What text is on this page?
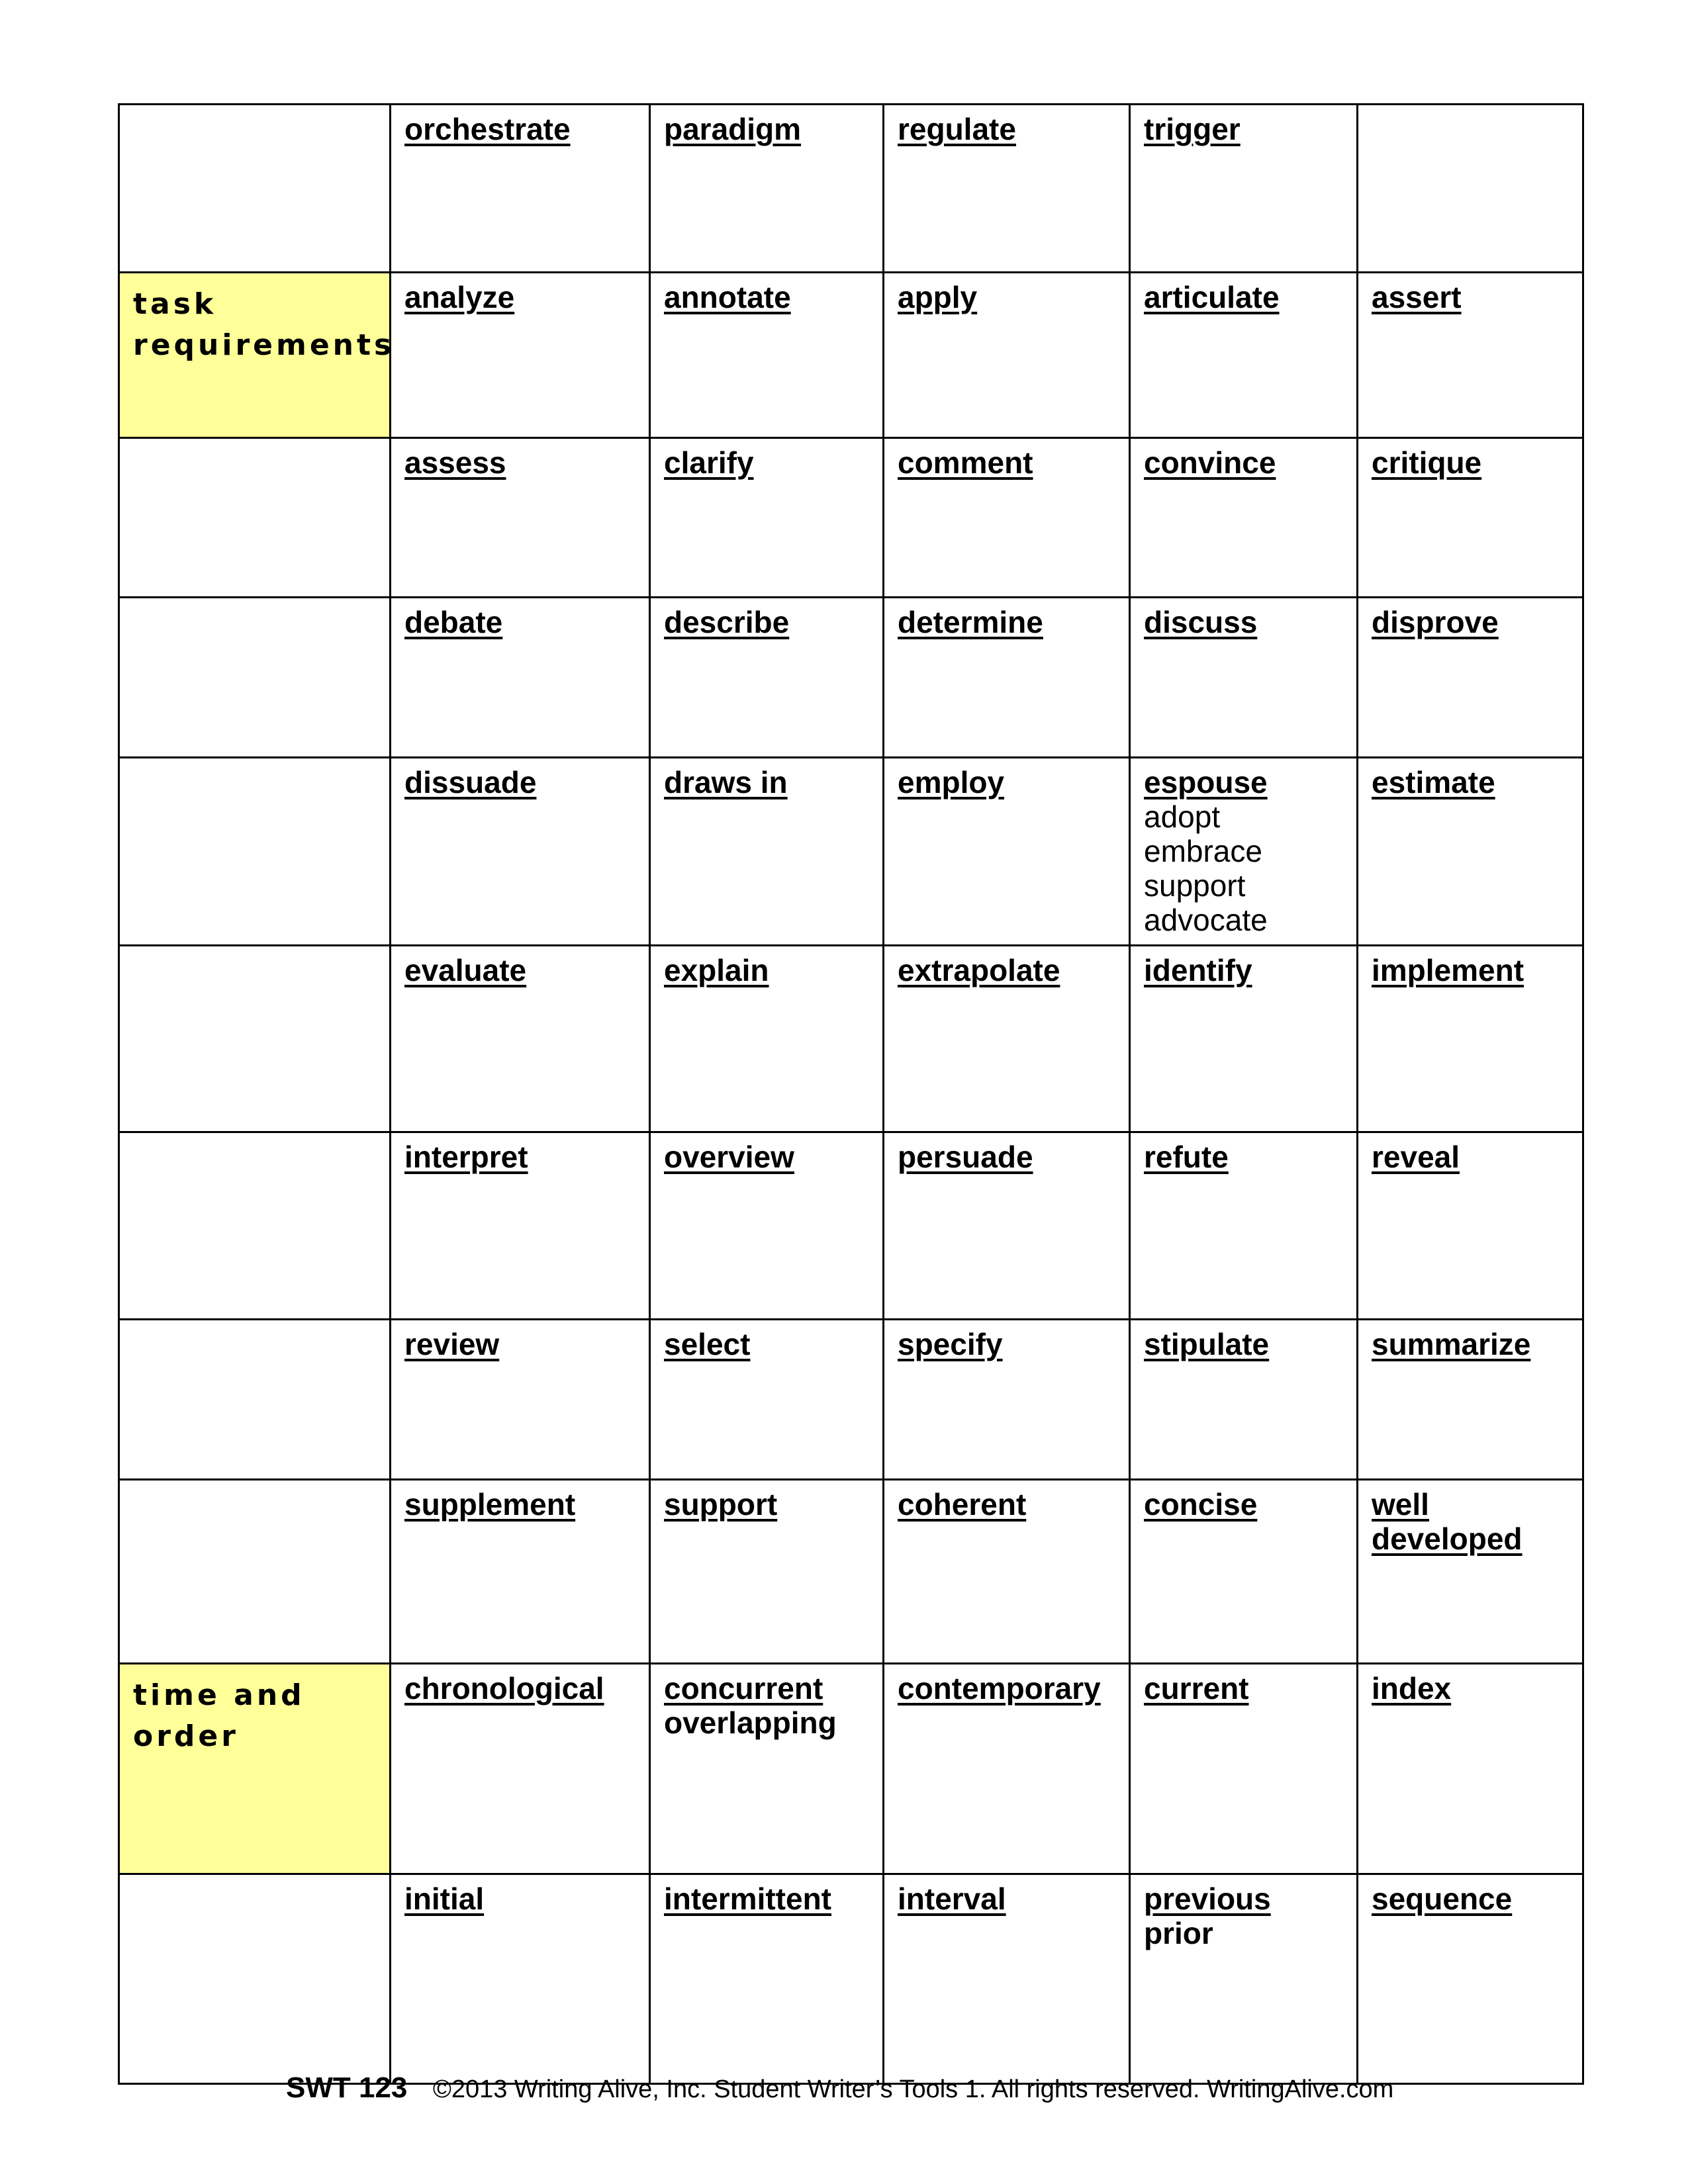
	orchestrate	paradigm	regulate	trigger	

task requirements	analyze	annotate	apply	articulate	assert

	assess	clarify	comment	convince	critique

	debate	describe	determine	discuss	disprove

	dissuade	draws in	employ	espouse
adopt
embrace
support
advocate	estimate

	evaluate	explain	extrapolate	identify	implement

	interpret	overview	persuade	refute	reveal

	review	select	specify	stipulate	summarize

	supplement	support	coherent	concise	well developed

time and order	chronological	concurrent
overlapping	contemporary	current	index

	initial	intermittent	interval	previous
prior	sequence
SWT 123 ©2013 Writing Alive, Inc. Student Writer’s Tools 1. All rights reserved. WritingAlive.com
